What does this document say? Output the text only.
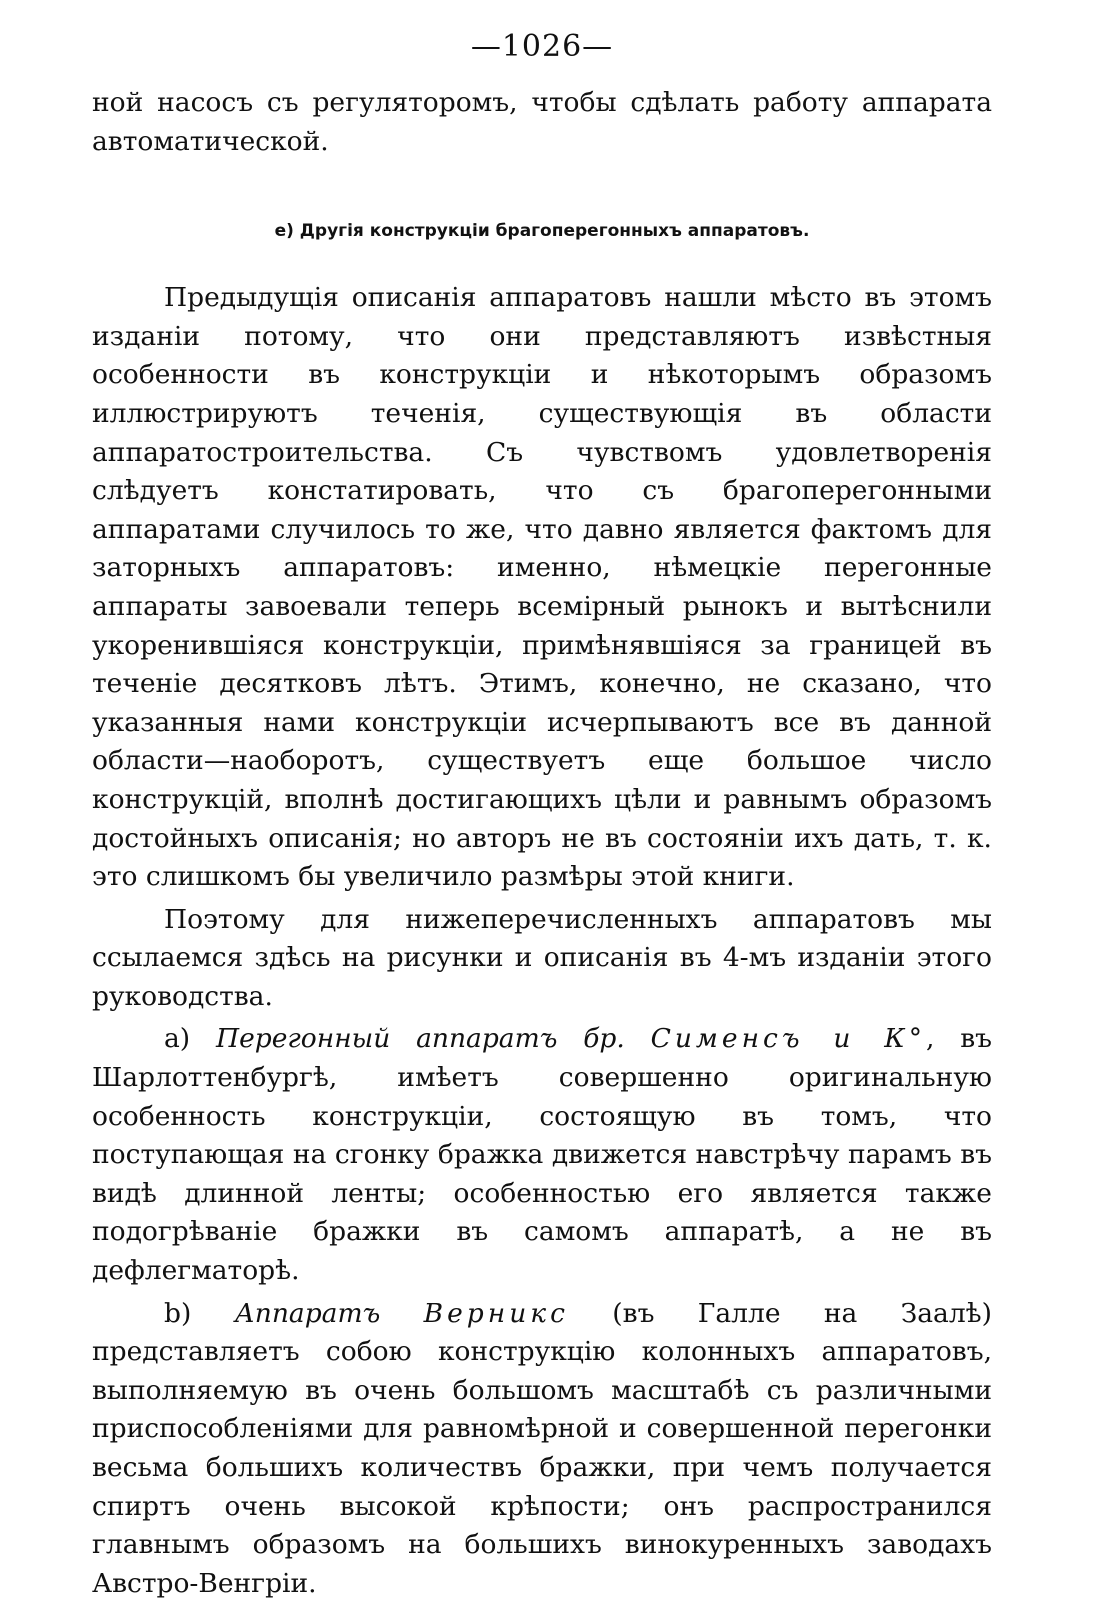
—1026—

ной насосъ съ регуляторомъ, чтобы сдѣлать работу аппарата автоматической.

е) Другія конструкціи брагоперегонныхъ аппаратовъ.

Предыдущія описанія аппаратовъ нашли мѣсто въ этомъ изданіи потому, что они представляютъ извѣстныя особенности въ конструкціи и нѣкоторымъ образомъ иллюстрируютъ теченія, существующія въ области аппаратостроительства. Съ чувствомъ удовлетворенія слѣдуетъ констатировать, что съ брагоперегонными аппаратами случилось то же, что давно является фактомъ для заторныхъ аппаратовъ: именно, нѣмецкіе перегонные аппараты завоевали теперь всемірный рынокъ и вытѣснили укоренившіяся конструкціи, примѣнявшіяся за границей въ теченіе десятковъ лѣтъ. Этимъ, конечно, не сказано, что указанныя нами конструкціи исчерпываютъ все въ данной области—наоборотъ, существуетъ еще большое число конструкцій, вполнѣ достигающихъ цѣли и равнымъ образомъ достойныхъ описанія; но авторъ не въ состояніи ихъ дать, т. к. это слишкомъ бы увеличило размѣры этой книги.

Поэтому для нижеперечисленныхъ аппаратовъ мы ссылаемся здѣсь на рисунки и описанія въ 4-мъ изданіи этого руководства.

а) Перегонный аппаратъ бр. Сименсъ и К°, въ Шарлоттенбургѣ, имѣетъ совершенно оригинальную особенность конструкціи, состоящую въ томъ, что поступающая на сгонку бражка движется навстрѣчу парамъ въ видѣ длинной ленты; особенностью его является также подогрѣваніе бражки въ самомъ аппаратѣ, а не въ дефлегматорѣ.

b) Аппаратъ Верникс (въ Галле на Заалѣ) представляетъ собою конструкцію колонныхъ аппаратовъ, выполняемую въ очень большомъ масштабѣ съ различными приспособленіями для равномѣрной и совершенной перегонки весьма большихъ количествъ бражки, при чемъ получается спиртъ очень высокой крѣпости; онъ распространился главнымъ образомъ на большихъ винокуренныхъ заводахъ Австро-Венгріи.
